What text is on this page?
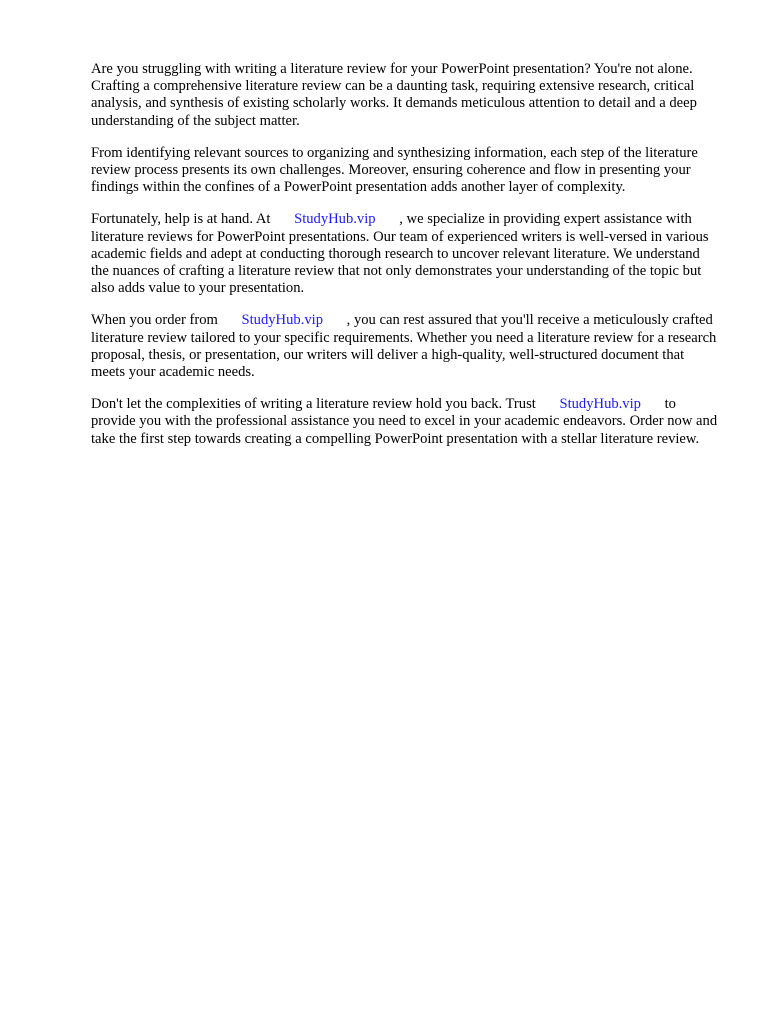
Are you struggling with writing a literature review for your PowerPoint presentation? You're not alone. Crafting a comprehensive literature review can be a daunting task, requiring extensive research, critical analysis, and synthesis of existing scholarly works. It demands meticulous attention to detail and a deep understanding of the subject matter.

From identifying relevant sources to organizing and synthesizing information, each step of the literature review process presents its own challenges. Moreover, ensuring coherence and flow in presenting your findings within the confines of a PowerPoint presentation adds another layer of complexity.

Fortunately, help is at hand. At StudyHub.vip , we specialize in providing expert assistance with literature reviews for PowerPoint presentations. Our team of experienced writers is well-versed in various academic fields and adept at conducting thorough research to uncover relevant literature. We understand the nuances of crafting a literature review that not only demonstrates your understanding of the topic but also adds value to your presentation.

When you order from StudyHub.vip , you can rest assured that you'll receive a meticulously crafted literature review tailored to your specific requirements. Whether you need a literature review for a research proposal, thesis, or presentation, our writers will deliver a high-quality, well-structured document that meets your academic needs.

Don't let the complexities of writing a literature review hold you back. Trust StudyHub.vip to provide you with the professional assistance you need to excel in your academic endeavors. Order now and take the first step towards creating a compelling PowerPoint presentation with a stellar literature review.
